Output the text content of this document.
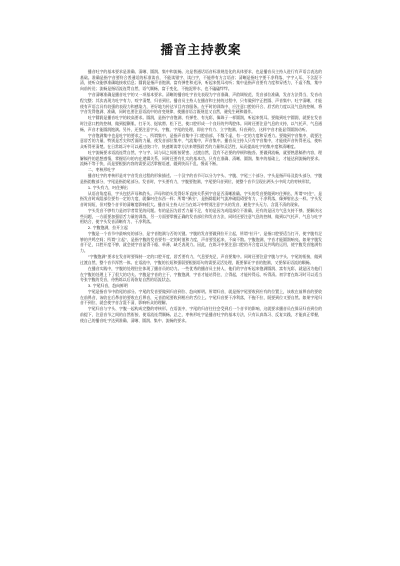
播音主持教案

播音吐字的基本要求是准确、清晰、圆润、集中和流畅。这是普通话语音标准规范化的具体要求，也是播音员主持人进行有声语言表达的基础。准确是指字音要符合普通话的标准读音，不能读错字、读白字，不能带有方言语音；清晰是指吐字要干净利落、字字入耳、不含混不清，使听众能够准确地接收信息；圆润是指声音饱满、富有弹性和光泽，听起来悦耳动听；集中是指声音要有力度和穿透力，不虚不散，集中向前传送；流畅是指语流连贯自然，语气顺畅，富于变化，不拖泥带水，也不磕磕绊绊。

字音清晰准确是播音吐字的又一项基本要求。清晰的播音吐字首先表现为字音准确，声韵调规范，发音部位准确，发音方法得当，发音动程完整；其次表现为吐字有力，咬字清楚，归音到位。播音员主持人在播音和主持的过程中，只有做到字正腔圆、声音集中、吐字清晰，才能使有声语言具有较强的表现力和感染力，更好地为传达节目内容服务。在平时的训练中，应注意口腔的开合、唇舌的力度以及气息的控制，将字音发得饱满、准确，同时也要注意语流中的音变规律，使播音语言既规范又自然，避免生硬和做作。

吐字圆润是播音吐字的较高要求。圆润，是指字音饱满、有弹性、有光彩，像珠子一样圆润，听起来悦耳。要做到吐字圆润，就要在发音时注意口腔的控制，做到提颧肌、打牙关、挺软腭、松下巴，使口腔形成一个良好的共鸣腔体。同时还要注意气息的支持，以气托声，气息通畅，声音才能圆润饱满。另外，还要注意字头、字腹、字尾的处理，即出字有力、立字饱满、归音到位，这样字音才能显得圆润动听。

字音饱满集中也是吐字的要求之一。所谓集中，是指声音集中于口腔前部，不散不虚，有一定的力度和穿透力。要做到字音集中，就要注意唇舌的力量，特别是舌尖和舌面的力量，使发音部位集中，气流集中，声音集中。播音员主持人只有字音集中，才能使声音传得更远，使听众听得更清楚。在日常练习中可以通过绕口令、快速朗读等方法来增强唇舌的力量和灵活性，从而提高吐字的集中度和清晰度。

吐字流畅要求语流连贯自然，字与字、词与词之间衔接紧密、过渡自然，没有不必要的停顿和拖沓。要做到流畅，就要熟悉稿件内容，理解稿件的思想感情，掌握语句的内在逻辑关系，同时还要有扎实的基本功。只有在准确、清晰、圆润、集中的基础上，才能达到流畅的要求。流畅不等于快，而是要根据内容的需要灵活掌握语速，做到快而不乱、慢而不断。

二、枣核形吐字

播音吐字的枣核形是对字音发音过程的形象描述。一个汉字的音节可以分为字头、字腹、字尾三个部分，字头是指声母及韵头部分，字腹是指韵腹部分，字尾是指韵尾部分。发音时，字头要有力，字腹要饱满，字尾要归音到位，使整个音节呈现出两头小中间大的枣核形状。

1. 字头有力，叼住弹出

从语音角度看，字头包括声母和韵头。声母和韵头发得好坏直接关系到字音是否清晰准确。字头的发音要做到叼住弹出，所谓“叼住”，是指发音时成阻部位要有一定的力度，就像叼住东西一样；所谓“弹出”，是指除阻时气流冲破阻碍要有力，干净利落，像弹射出去一样。字头发音时间短，但对整个音节的清晰度影响很大。播音员主持人应当在练习中特别注意字头的发音，避免字头无力、含混不清的现象。

字头发音不够有力是初学者常见的问题。有的是因为唇舌力量不足，有的是因为成阻部位不准确，还有的是因为气息支持不够。要解决这些问题，一方面要加强唇舌力量的训练，另一方面要掌握正确的发音部位和发音方法，同时还要注意气息的控制，做到以气托声、气息与吐字相结合，使字头发音清晰有力、干净利落。

2. 字腹饱满，拉开立起

字腹是一个音节中最响亮的部分，是字音饱满与否的关键。字腹的发音要做到拉开立起，所谓“拉开”，是指口腔要适当打开，使字腹有足够的共鸣空间；所谓“立起”，是指字腹的发音要有一定的时值和力度，声音要竖起来，不扁不散。字腹饱满，字音才能圆润响亮。如果字腹发音不足，口腔开度不够，就会使字音显得干瘪、单薄，缺乏表现力。因此，在练习中要注意口腔的开合度以及共鸣的运用，使字腹发音饱满有力。

“字腹饱满”要求在发音时要保持一定的口腔开度，唇舌要有力，气息要充足，声音要集中。同时还要注意字腹与字头、字尾的衔接，做到过渡自然，整个音节浑然一体。在语流中，字腹的长短和强弱要根据语句的需要灵活处理，既要保证字音的饱满，又要保证语流的顺畅。

在播音实践中，字腹的处理往往体现了播音员的功力。一些优秀的播音员主持人，他们的字音听起来饱满圆润、富有光彩，就是因为他们在字腹的处理上下了很大的功夫。字腹是字音的主干，字腹饱满，字音才能站得住、立得起，才能传得远、听得清。初学者在练习时可以适当夸张字腹的发音，待熟练以后再恢复自然的语流状态。

3. 字尾归音，趋向鲜明

字尾是指音节中韵尾的部分。字尾的发音要做到归音到位、趋向鲜明。所谓归音，就是指字尾要收到应有的位置上，该收在前鼻音的要收在前鼻音，该收在后鼻音的要收在后鼻音，元音韵尾要收到相应的舌位上。字尾归音要干净利落，不拖不拉，既要到位又要自然。如果字尾归音不到位，就会使字音含混不清，影响听众的理解。

字尾归音与字头、字腹一起构成完整的枣核形。在语流中，字尾的归音往往会受到后一个音节的影响，这就要求播音员在保证归音到位的前提下，注意音节之间的自然衔接，使语流连贯顺畅。总之，枣核形吐字是播音吐字的基本方法，只有认真练习、反复实践，才能真正掌握，使自己的播音吐字达到准确、清晰、圆润、集中、流畅的要求。
